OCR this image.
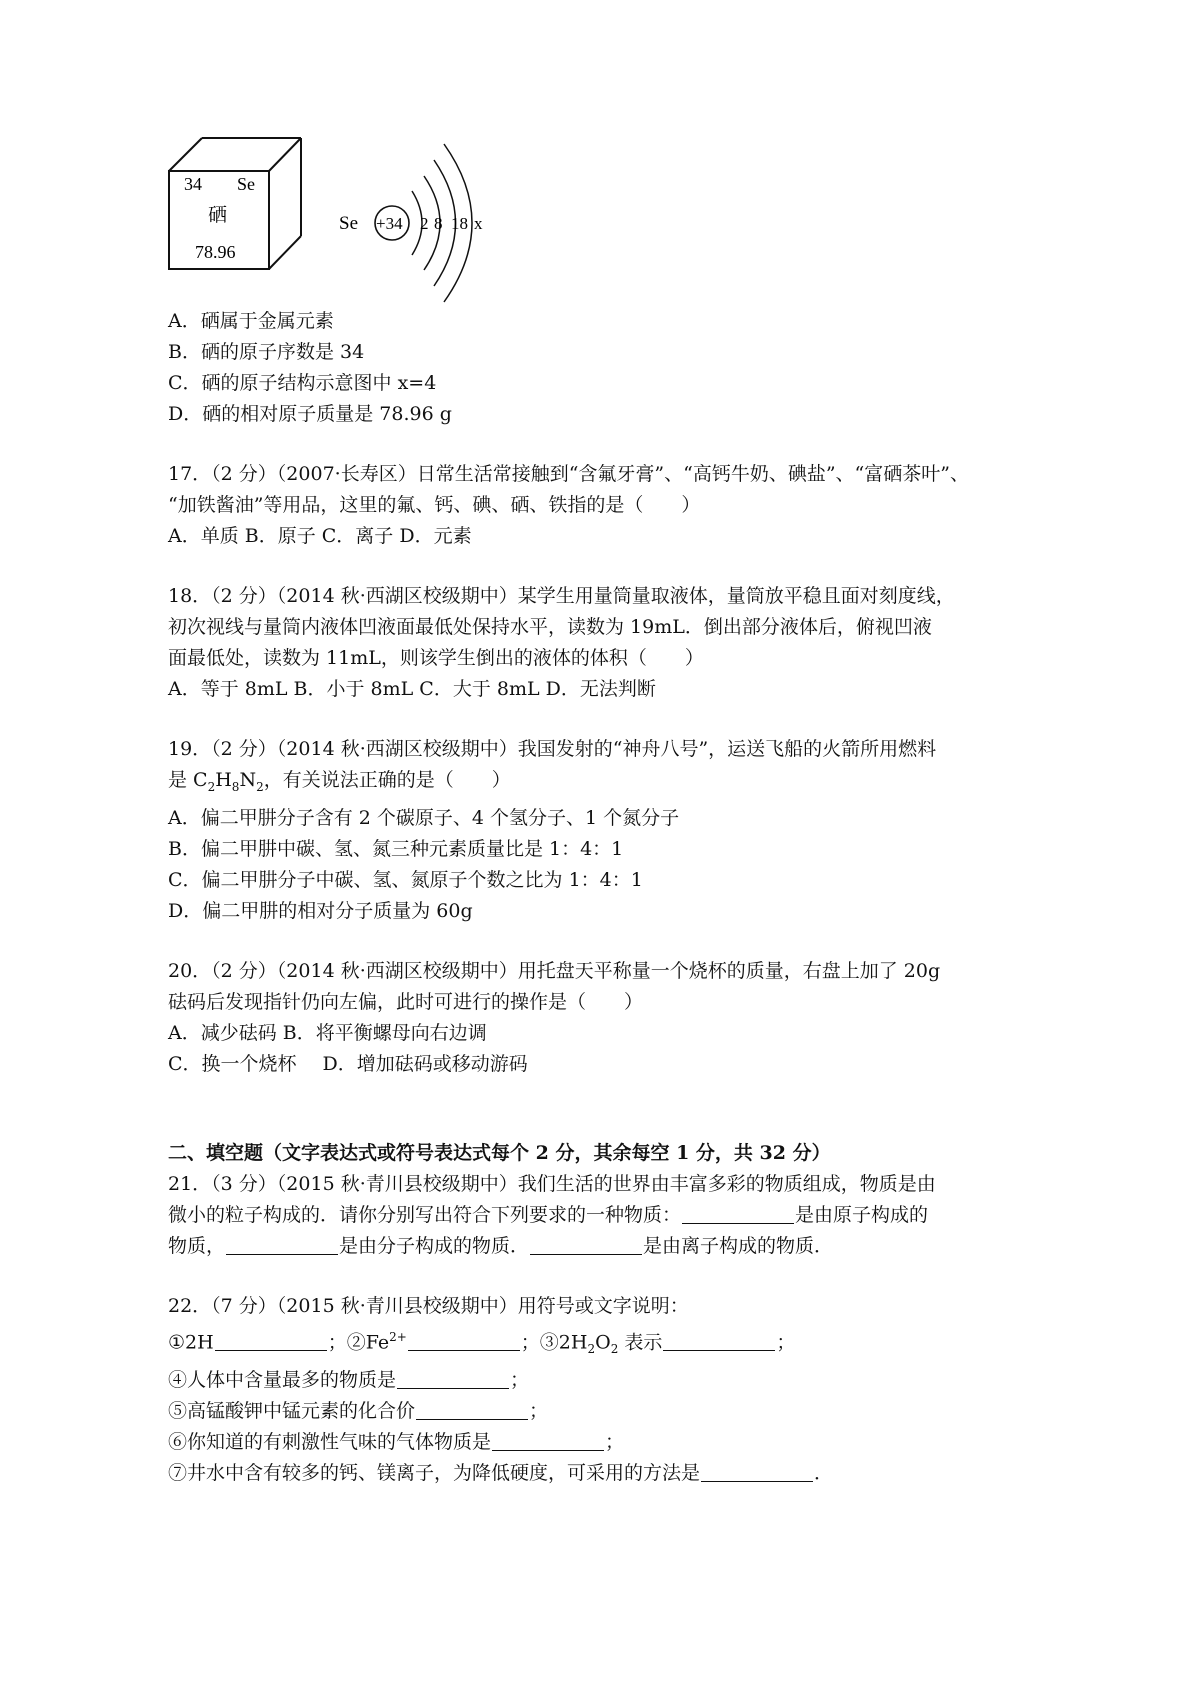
34 Se
硒
78.96
Se +34 2 8 18 x
A．硒属于金属元素
B．硒的原子序数是 34
C．硒的原子结构示意图中 x=4
D．硒的相对原子质量是 78.96 g
17．（2 分）（2007·长寿区）日常生活常接触到“含氟牙膏”、“高钙牛奶、碘盐”、“富硒茶叶”、
“加铁酱油”等用品，这里的氟、钙、碘、硒、铁指的是（　　）
A．单质 B．原子 C．离子 D．元素
18．（2 分）（2014 秋·西湖区校级期中）某学生用量筒量取液体，量筒放平稳且面对刻度线，
初次视线与量筒内液体凹液面最低处保持水平，读数为 19mL．倒出部分液体后，俯视凹液
面最低处，读数为 11mL，则该学生倒出的液体的体积（　　）
A．等于 8mL B．小于 8mL C．大于 8mL D．无法判断
19．（2 分）（2014 秋·西湖区校级期中）我国发射的“神舟八号”，运送飞船的火箭所用燃料
是 $C_2H_8N_2$，有关说法正确的是（　　）
A．偏二甲肼分子含有 2 个碳原子、4 个氢分子、1 个氮分子
B．偏二甲肼中碳、氢、氮三种元素质量比是 1：4：1
C．偏二甲肼分子中碳、氢、氮原子个数之比为 1：4：1
D．偏二甲肼的相对分子质量为 60g
20．（2 分）（2014 秋·西湖区校级期中）用托盘天平称量一个烧杯的质量，右盘上加了 20g
砝码后发现指针仍向左偏，此时可进行的操作是（　　）
A．减少砝码 B．将平衡螺母向右边调
C．换一个烧杯 D．增加砝码或移动游码
二、填空题（文字表达式或符号表达式每个 2 分，其余每空 1 分，共 32 分）
21．（3 分）（2015 秋·青川县校级期中）我们生活的世界由丰富多彩的物质组成，物质是由
微小的粒子构成的．请你分别写出符合下列要求的一种物质：	是由原子构成的
物质，	是由分子构成的物质．	是由离子构成的物质．
22．（7 分）（2015 秋·青川县校级期中）用符号或文字说明：
①2H	；$②Fe^{2+}$	；$③2H_2O_2$ 表示	；
④人体中含量最多的物质是	；
⑤高锰酸钾中锰元素的化合价	；
⑥你知道的有刺激性气味的气体物质是	；
⑦井水中含有较多的钙、镁离子，为降低硬度，可采用的方法是	．
